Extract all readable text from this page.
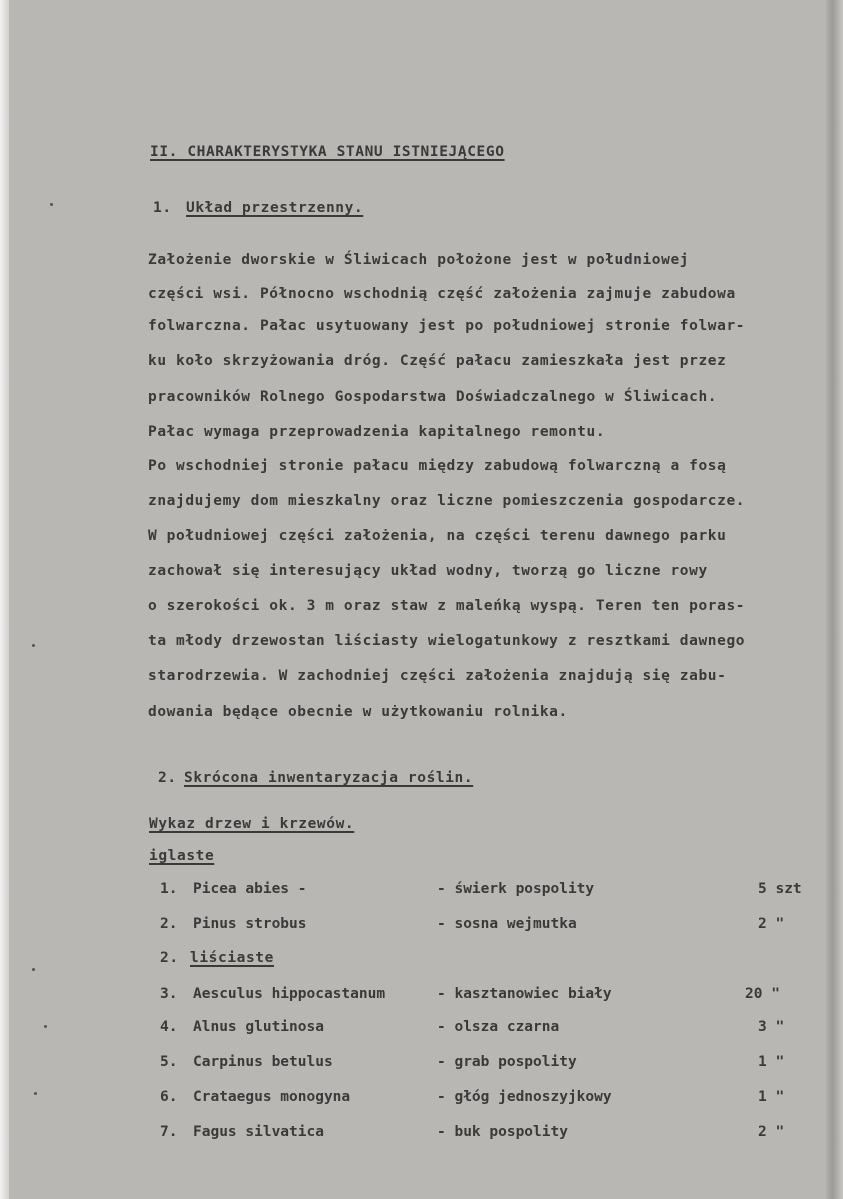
II. CHARAKTERYSTYKA STANU ISTNIEJĄCEGO
1. Układ przestrzenny.
Założenie dworskie w Śliwicach położone jest w południowej
części wsi. Północno wschodnią część założenia zajmuje zabudowa
folwarczna. Pałac usytuowany jest po południowej stronie folwar-
ku koło skrzyżowania dróg. Część pałacu zamieszkała jest przez
pracowników Rolnego Gospodarstwa Doświadczalnego w Śliwicach.
Pałac wymaga przeprowadzenia kapitalnego remontu.
Po wschodniej stronie pałacu między zabudową folwarczną a fosą
znajdujemy dom mieszkalny oraz liczne pomieszczenia gospodarcze.
W południowej części założenia, na części terenu dawnego parku
zachował się interesujący układ wodny, tworzą go liczne rowy
o szerokości ok. 3 m oraz staw z maleńką wyspą. Teren ten poras-
ta młody drzewostan liściasty wielogatunkowy z resztkami dawnego
starodrzewia. W zachodniej części założenia znajdują się zabu-
dowania będące obecnie w użytkowaniu rolnika.
2. Skrócona inwentaryzacja roślin.
Wykaz drzew i krzewów.
iglaste
1. Picea abies -	- świerk pospolity	5 szt
2. Pinus strobus	- sosna wejmutka	2 "
2. liściaste
3. Aesculus hippocastanum	- kasztanowiec biały	20 "
4. Alnus glutinosa	- olsza czarna	3 "
5. Carpinus betulus	- grab pospolity	1 "
6. Crataegus monogyna	- głóg jednoszyjkowy	1 "
7. Fagus silvatica	- buk pospolity	2 "
